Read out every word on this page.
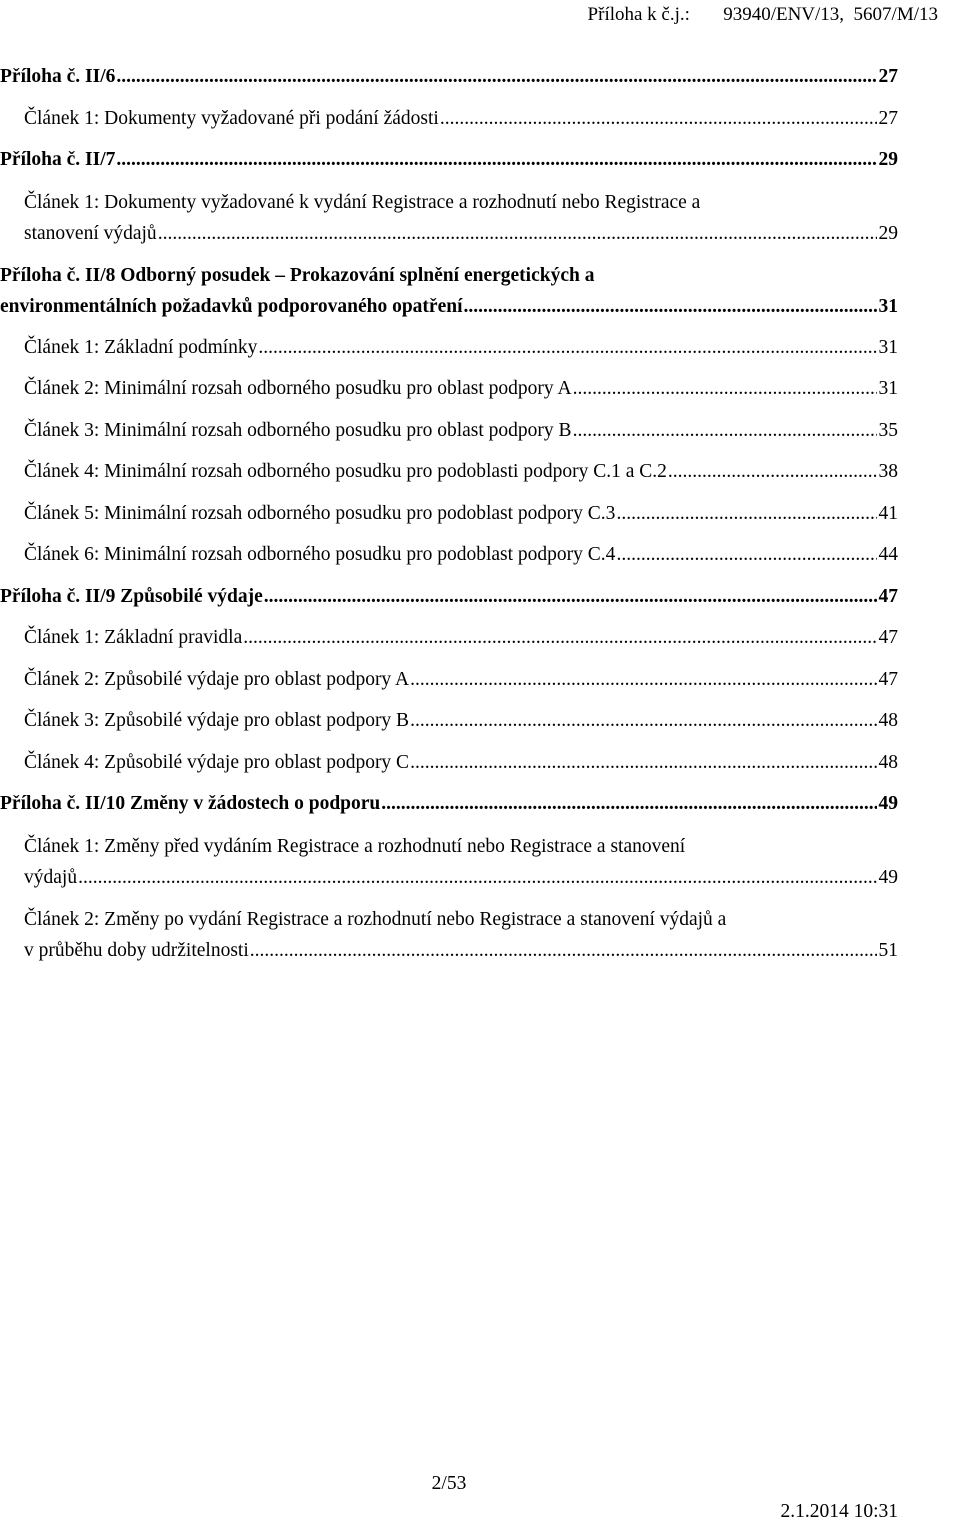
Příloha k č.j.: 93940/ENV/13,  5607/M/13
Příloha č. II/6 .....	27
Článek 1: Dokumenty vyžadované při podání žádosti .....	27
Příloha č. II/7 .....	29
Článek 1: Dokumenty vyžadované k vydání Registrace a rozhodnutí nebo Registrace a
stanovení výdajů .....	29
Příloha č. II/8 Odborný posudek – Prokazování splnění energetických a
environmentálních požadavků podporovaného opatření .....	31
Článek 1: Základní podmínky .....	31
Článek 2: Minimální rozsah odborného posudku pro oblast podpory A .....	31
Článek 3: Minimální rozsah odborného posudku pro oblast podpory B .....	35
Článek 4: Minimální rozsah odborného posudku pro podoblasti podpory C.1 a C.2 .....	38
Článek 5: Minimální rozsah odborného posudku pro podoblast podpory C.3 .....	41
Článek 6: Minimální rozsah odborného posudku pro podoblast podpory C.4 .....	44
Příloha č. II/9 Způsobilé výdaje .....	47
Článek 1: Základní pravidla .....	47
Článek 2: Způsobilé výdaje pro oblast podpory A .....	47
Článek 3: Způsobilé výdaje pro oblast podpory B .....	48
Článek 4: Způsobilé výdaje pro oblast podpory C .....	48
Příloha č. II/10 Změny v žádostech o podporu .....	49
Článek 1: Změny před vydáním Registrace a rozhodnutí nebo Registrace a stanovení
výdajů .....	49
Článek 2: Změny po vydání Registrace a rozhodnutí nebo Registrace a stanovení výdajů a
v průběhu doby udržitelnosti .....	51
2/53
2.1.2014 10:31
